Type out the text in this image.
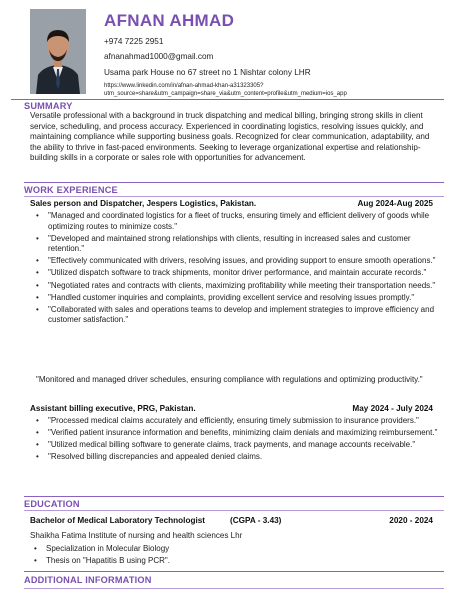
AFNAN AHMAD
+974 7225 2951
afnanahmad1000@gmail.com
Usama park House no 67 street no 1 Nishtar colony LHR
https://www.linkedin.com/in/afnan-ahmad-khan-a31323305?
utm_source=share&utm_campaign=share_via&utm_content=profile&utm_medium=ios_app
SUMMARY
Versatile professional with a background in truck dispatching and medical billing, bringing strong skills in client service, scheduling, and process accuracy. Experienced in coordinating logistics, resolving issues quickly, and maintaining compliance while supporting business goals. Recognized for clear communication, adaptability, and the ability to thrive in fast-paced environments. Seeking to leverage organizational expertise and relationship-building skills in a corporate or sales role with opportunities for advancement.
WORK EXPERIENCE
Sales person and Dispatcher, Jespers Logistics, Pakistan.	Aug 2024-Aug 2025
• "Managed and coordinated logistics for a fleet of trucks, ensuring timely and efficient delivery of goods while optimizing routes to minimize costs."
• "Developed and maintained strong relationships with clients, resulting in increased sales and customer retention."
• "Effectively communicated with drivers, resolving issues, and providing support to ensure smooth operations."
• "Utilized dispatch software to track shipments, monitor driver performance, and maintain accurate records."
• "Negotiated rates and contracts with clients, maximizing profitability while meeting their transportation needs."
• "Handled customer inquiries and complaints, providing excellent service and resolving issues promptly."
• "Collaborated with sales and operations teams to develop and implement strategies to improve efficiency and customer satisfaction."
"Monitored and managed driver schedules, ensuring compliance with regulations and optimizing productivity."
Assistant billing executive, PRG, Pakistan.	May 2024 - July 2024
• "Processed medical claims accurately and efficiently, ensuring timely submission to insurance providers."
• "Verified patient insurance information and benefits, minimizing claim denials and maximizing reimbursement."
• "Utilized medical billing software to generate claims, track payments, and manage accounts receivable."
• "Resolved billing discrepancies and appealed denied claims.
EDUCATION
Bachelor of Medical Laboratory Technologist	(CGPA - 3.43)	2020 - 2024
Shaikha Fatima Institute of nursing and health sciences Lhr
• Specialization in Molecular Biology
• Thesis on "Hapatitis B using PCR".
ADDITIONAL INFORMATION
